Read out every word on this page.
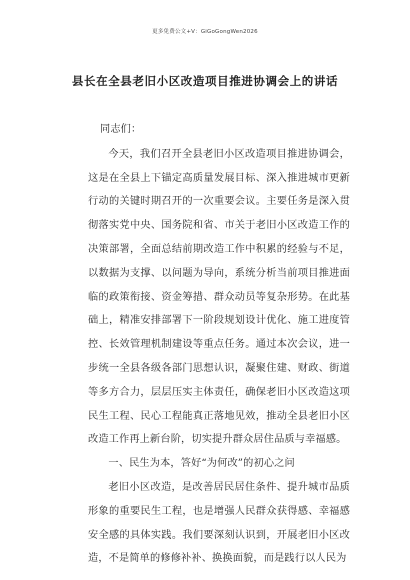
更多免费公文+V：GiGoGongWen2026
县长在全县老旧小区改造项目推进协调会上的讲话

同志们：

今天，我们召开全县老旧小区改造项目推进协调会，这是在全县上下锚定高质量发展目标、深入推进城市更新行动的关键时期召开的一次重要会议。主要任务是深入贯彻落实党中央、国务院和省、市关于老旧小区改造工作的决策部署，全面总结前期改造工作中积累的经验与不足，以数据为支撑、以问题为导向，系统分析当前项目推进面临的政策衔接、资金筹措、群众动员等复杂形势。在此基础上，精准安排部署下一阶段规划设计优化、施工进度管控、长效管理机制建设等重点任务。通过本次会议，进一步统一全县各级各部门思想认识，凝聚住建、财政、街道等多方合力，层层压实主体责任，确保老旧小区改造这项民生工程、民心工程能真正落地见效，推动全县老旧小区改造工作再上新台阶，切实提升群众居住品质与幸福感。

一、民生为本，答好“为何改”的初心之问

老旧小区改造，是改善居民居住条件、提升城市品质形象的重要民生工程，也是增强人民群众获得感、幸福感安全感的具体实践。我们要深刻认识到，开展老旧小区改造，不是简单的修修补补、换换面貌，而是践行以人民为
